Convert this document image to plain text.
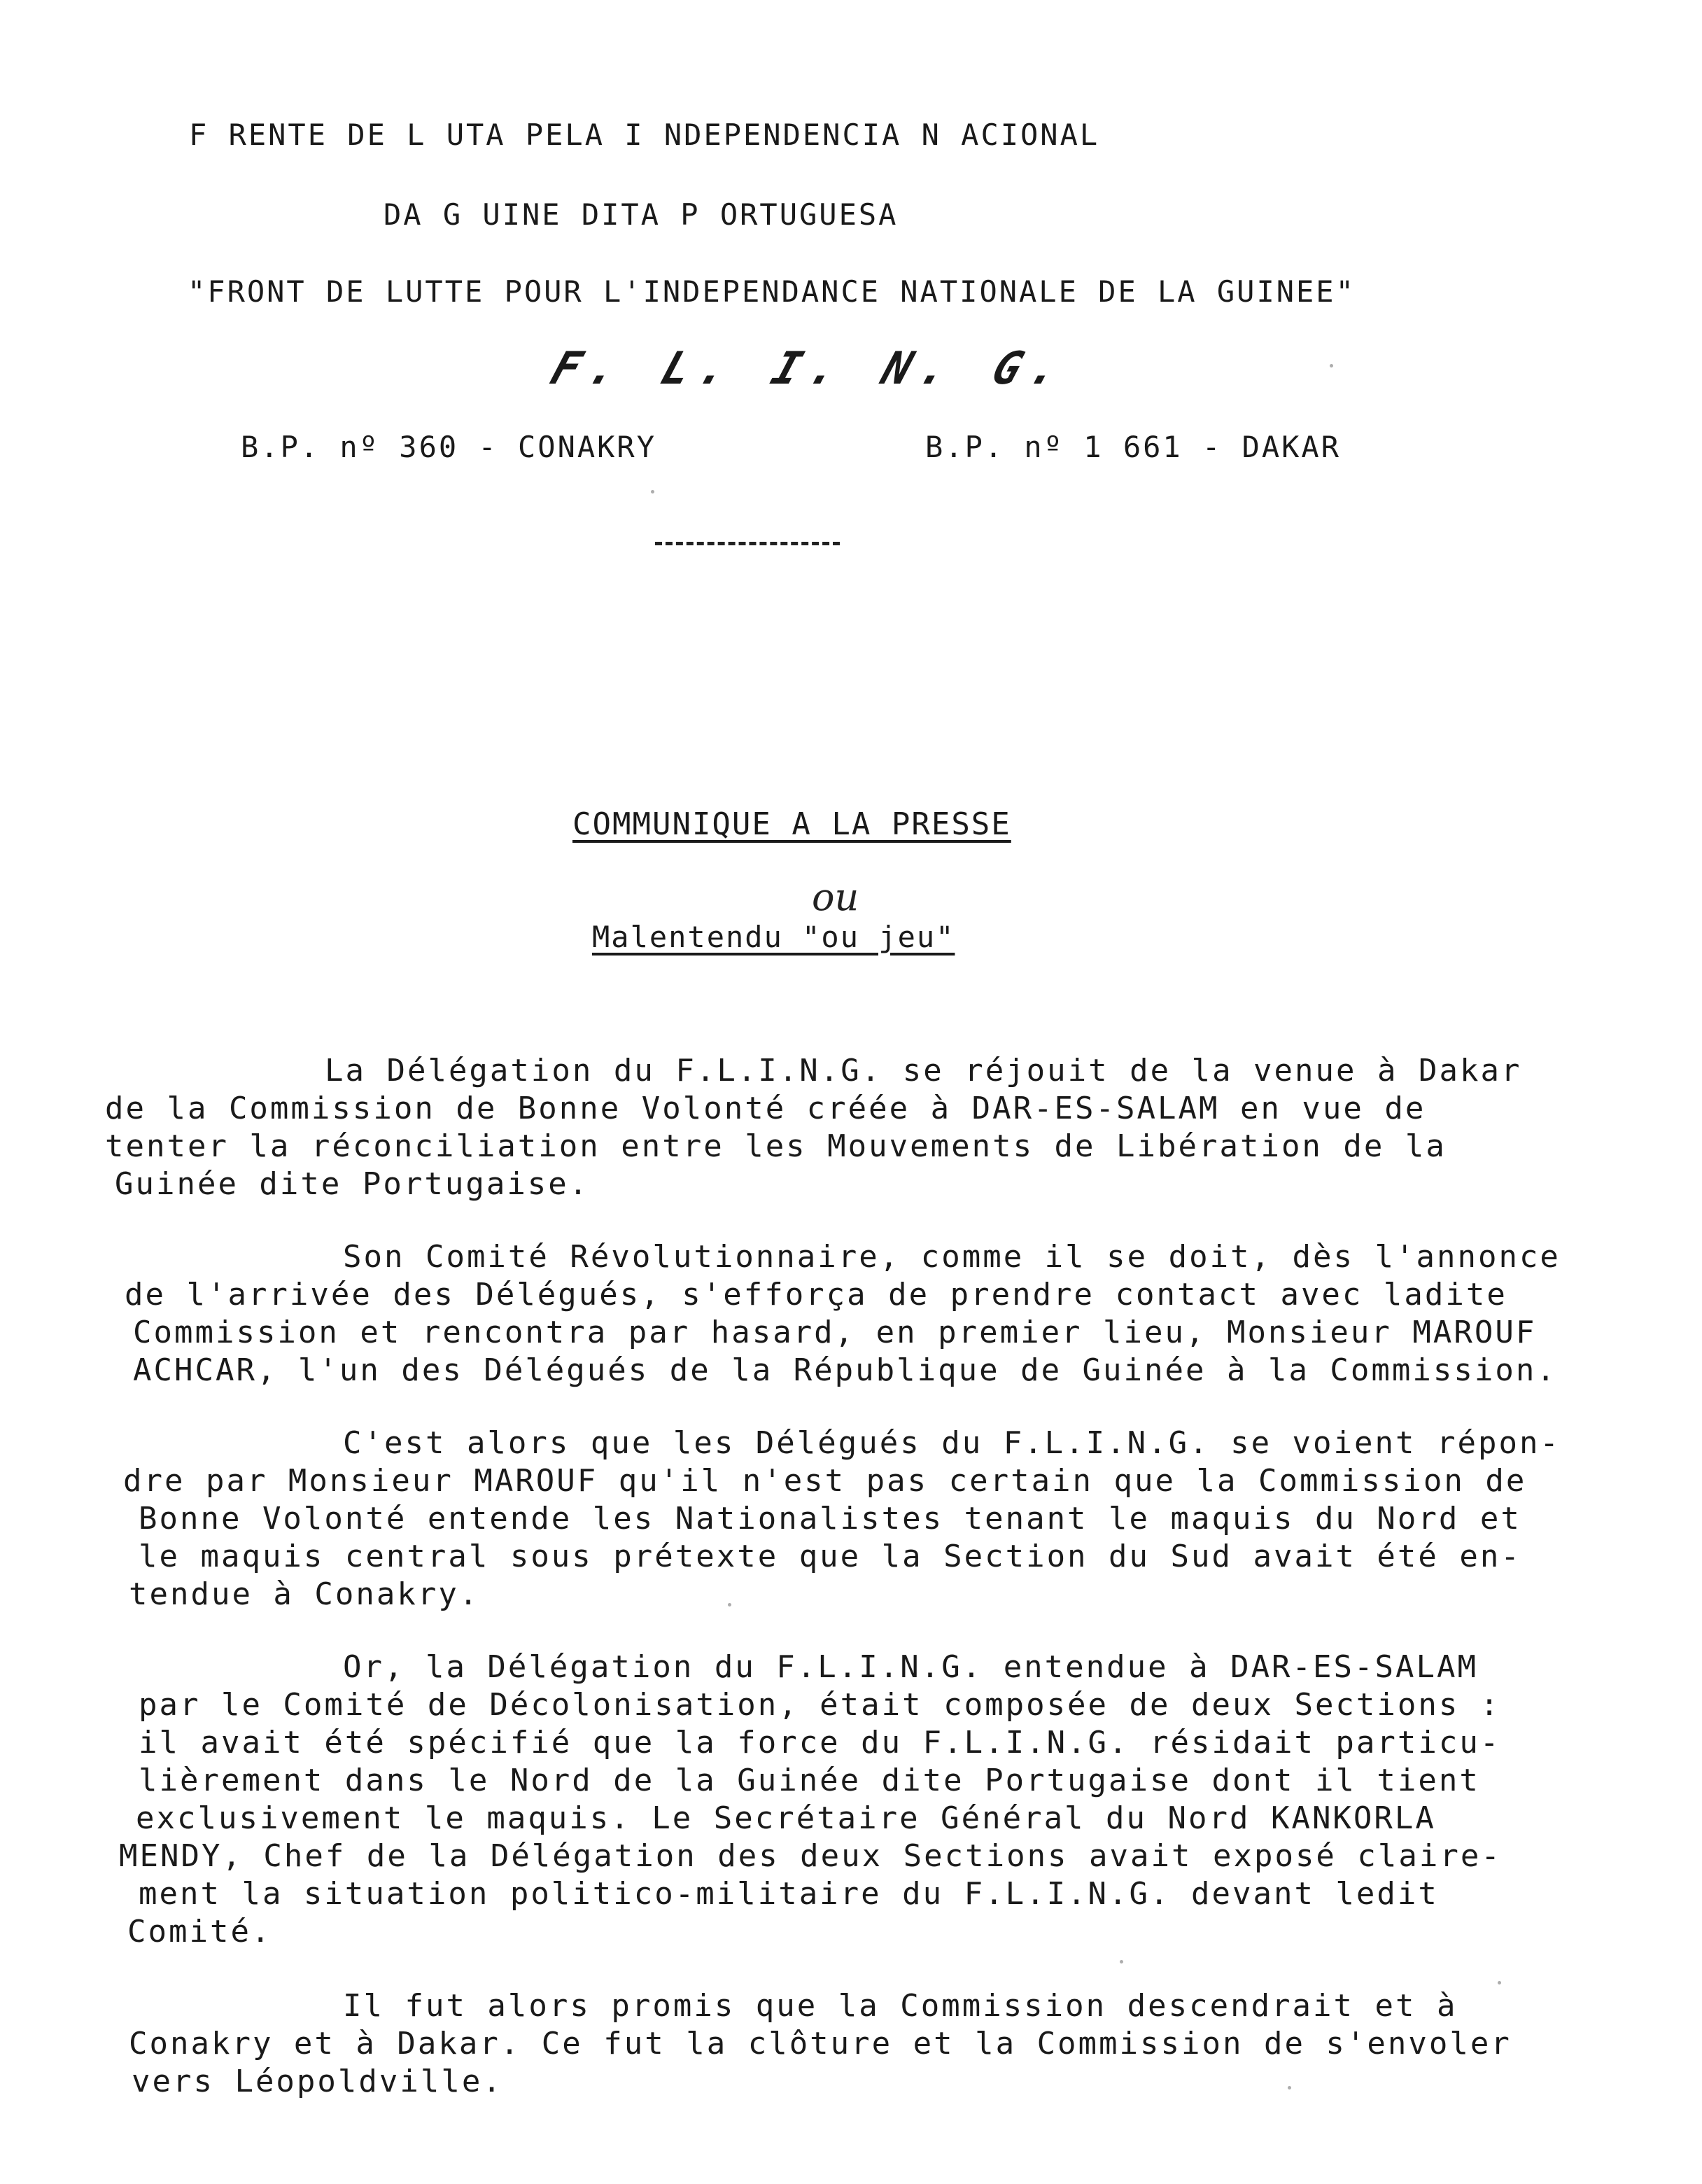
F RENTE DE L UTA PELA I NDEPENDENCIA N ACIONAL
DA G UINE DITA P ORTUGUESA
"FRONT DE LUTTE POUR L'INDEPENDANCE NATIONALE DE LA GUINEE"
F. L. I. N. G.
B.P. nº 360 - CONAKRY	B.P. nº 1 661 - DAKAR
COMMUNIQUE A LA PRESSE
ou
Malentendu "ou jeu"
La Délégation du F.L.I.N.G. se réjouit de la venue à Dakar
de la Commission de Bonne Volonté créée à DAR-ES-SALAM en vue de
tenter la réconciliation entre les Mouvements de Libération de la
Guinée dite Portugaise.
Son Comité Révolutionnaire, comme il se doit, dès l'annonce
de l'arrivée des Délégués, s'efforça de prendre contact avec ladite
Commission et rencontra par hasard, en premier lieu, Monsieur MAROUF
ACHCAR, l'un des Délégués de la République de Guinée à la Commission.
C'est alors que les Délégués du F.L.I.N.G. se voient répon-
dre par Monsieur MAROUF qu'il n'est pas certain que la Commission de
Bonne Volonté entende les Nationalistes tenant le maquis du Nord et
le maquis central sous prétexte que la Section du Sud avait été en-
tendue à Conakry.
Or, la Délégation du F.L.I.N.G. entendue à DAR-ES-SALAM
par le Comité de Décolonisation, était composée de deux Sections :
il avait été spécifié que la force du F.L.I.N.G. résidait particu-
lièrement dans le Nord de la Guinée dite Portugaise dont il tient
exclusivement le maquis. Le Secrétaire Général du Nord KANKORLA
MENDY, Chef de la Délégation des deux Sections avait exposé claire-
ment la situation politico-militaire du F.L.I.N.G. devant ledit
Comité.
Il fut alors promis que la Commission descendrait et à
Conakry et à Dakar. Ce fut la clôture et la Commission de s'envoler
vers Léopoldville.
